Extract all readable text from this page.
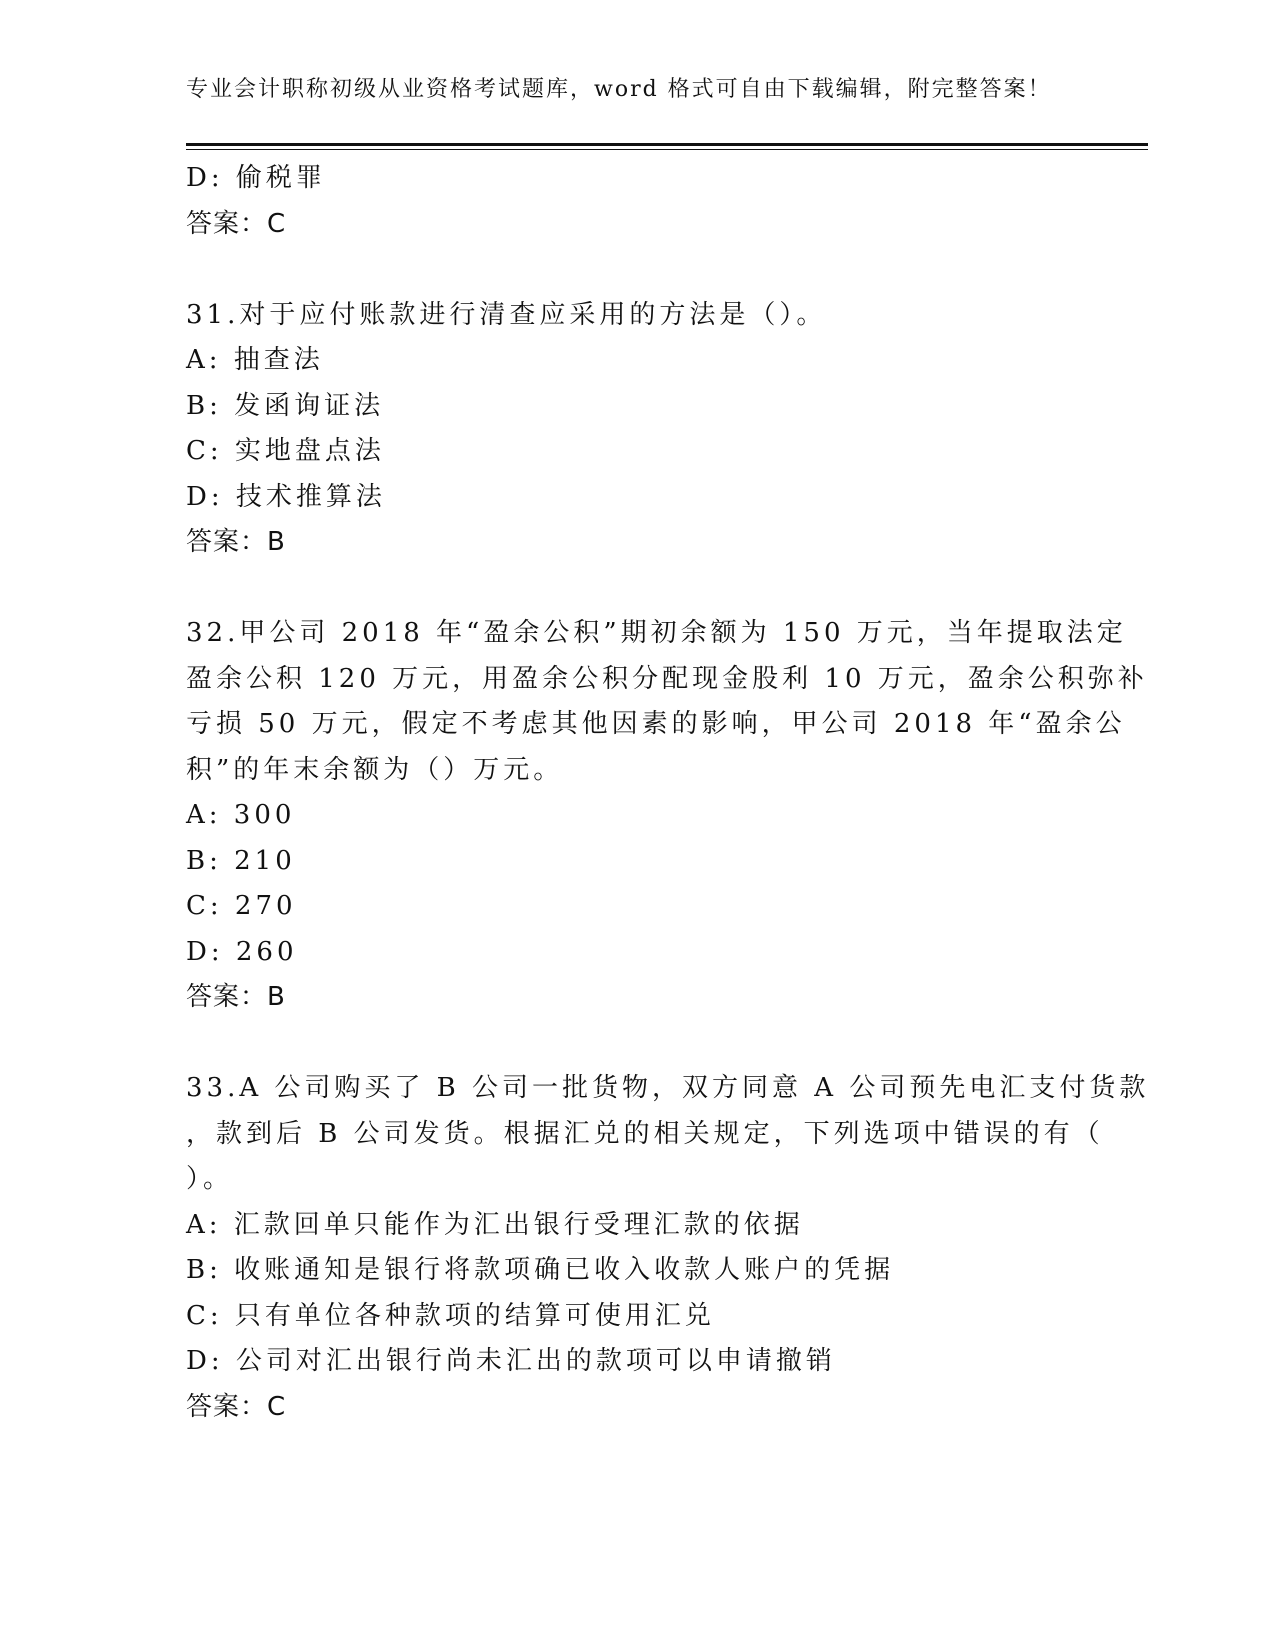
专业会计职称初级从业资格考试题库，word 格式可自由下载编辑，附完整答案！
D: 偷税罪
答案：C
31.对于应付账款进行清查应采用的方法是（）。
A: 抽查法
B: 发函询证法
C: 实地盘点法
D: 技术推算法
答案：B
32.甲公司 2018 年“盈余公积”期初余额为 150 万元，当年提取法定
盈余公积 120 万元，用盈余公积分配现金股利 10 万元，盈余公积弥补
亏损 50 万元，假定不考虑其他因素的影响，甲公司 2018 年“盈余公
积”的年末余额为（）万元。
A: 300
B: 210
C: 270
D: 260
答案：B
33.A 公司购买了 B 公司一批货物，双方同意 A 公司预先电汇支付货款
，款到后 B 公司发货。根据汇兑的相关规定，下列选项中错误的有（
）。
A: 汇款回单只能作为汇出银行受理汇款的依据
B: 收账通知是银行将款项确已收入收款人账户的凭据
C: 只有单位各种款项的结算可使用汇兑
D: 公司对汇出银行尚未汇出的款项可以申请撤销
答案：C
